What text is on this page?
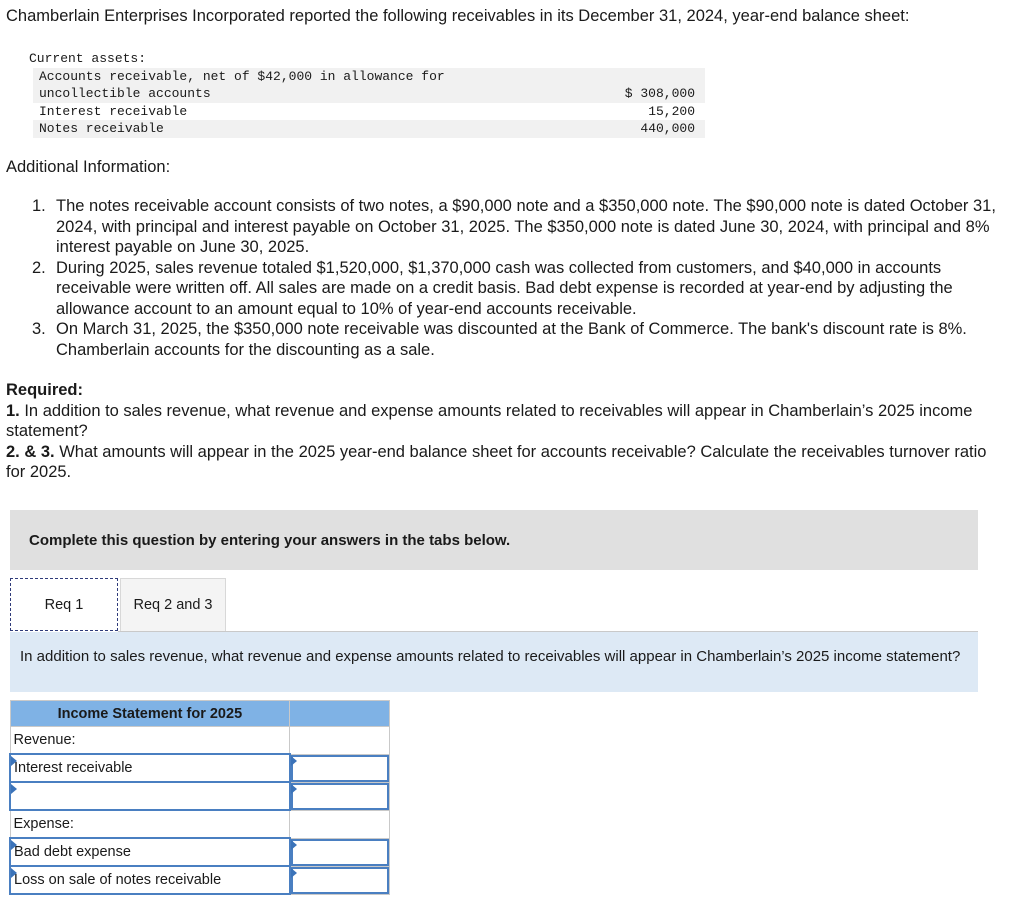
Chamberlain Enterprises Incorporated reported the following receivables in its December 31, 2024, year-end balance sheet:
Current assets:
Accounts receivable, net of $42,000 in allowance for
uncollectible accounts	$ 308,000
Interest receivable	15,200
Notes receivable	440,000
Additional Information:
1. The notes receivable account consists of two notes, a $90,000 note and a $350,000 note. The $90,000 note is dated October 31, 2024, with principal and interest payable on October 31, 2025. The $350,000 note is dated June 30, 2024, with principal and 8% interest payable on June 30, 2025.
2. During 2025, sales revenue totaled $1,520,000, $1,370,000 cash was collected from customers, and $40,000 in accounts receivable were written off. All sales are made on a credit basis. Bad debt expense is recorded at year-end by adjusting the allowance account to an amount equal to 10% of year-end accounts receivable.
3. On March 31, 2025, the $350,000 note receivable was discounted at the Bank of Commerce. The bank's discount rate is 8%. Chamberlain accounts for the discounting as a sale.
Required:
1. In addition to sales revenue, what revenue and expense amounts related to receivables will appear in Chamberlain’s 2025 income statement?
2. & 3. What amounts will appear in the 2025 year-end balance sheet for accounts receivable? Calculate the receivables turnover ratio for 2025.
Complete this question by entering your answers in the tabs below.
Req 1	Req 2 and 3
In addition to sales revenue, what revenue and expense amounts related to receivables will appear in Chamberlain’s 2025 income statement?
Income Statement for 2025	
Revenue:	

Interest receivable	

Expense:	

Bad debt expense	

Loss on sale of notes receivable	
